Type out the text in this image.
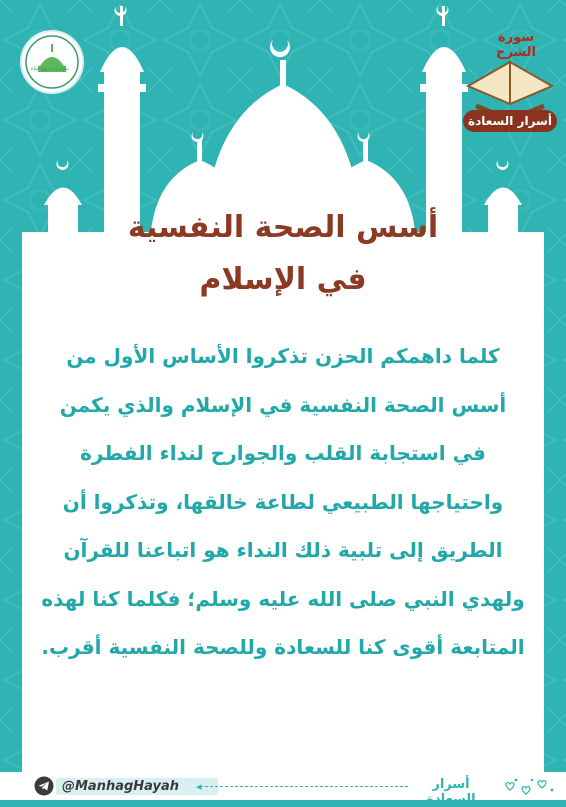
تيليجرام منهج حياة
سورة الشرح
أسرار السعادة
أسس الصحة النفسية
في الإسلام
كلما داهمكم الحزن تذكروا الأساس الأول من أسس الصحة النفسية في الإسلام والذي يكمن في استجابة القلب والجوارح لنداء الفطرة واحتياجها الطبيعي لطاعة خالقها، وتذكروا أن الطريق إلى تلبية ذلك النداء هو اتباعنا للقرآن ولهدي النبي صلى الله عليه وسلم؛ فكلما كنا لهذه المتابعة أقوى كنا للسعادة وللصحة النفسية أقرب.
@ManhagHayah	◂	أسرار السعادة
